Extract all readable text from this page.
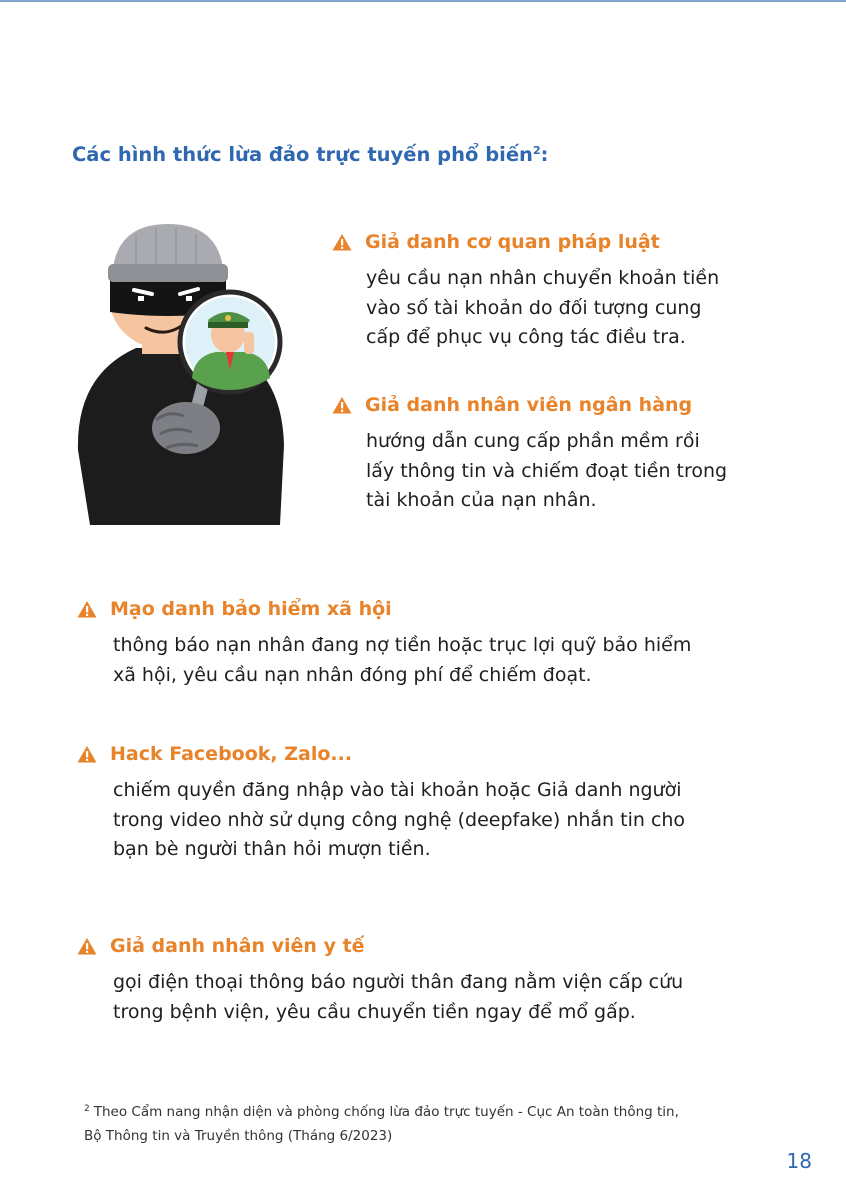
Các hình thức lừa đảo trực tuyến phổ biến$^2$:
Giả danh cơ quan pháp luật
yêu cầu nạn nhân chuyển khoản tiền
vào số tài khoản do đối tượng cung
cấp để phục vụ công tác điều tra.
Giả danh nhân viên ngân hàng
hướng dẫn cung cấp phần mềm rồi
lấy thông tin và chiếm đoạt tiền trong
tài khoản của nạn nhân.
Mạo danh bảo hiểm xã hội
thông báo nạn nhân đang nợ tiền hoặc trục lợi quỹ bảo hiểm
xã hội, yêu cầu nạn nhân đóng phí để chiếm đoạt.
Hack Facebook, Zalo...
chiếm quyền đăng nhập vào tài khoản hoặc Giả danh người
trong video nhờ sử dụng công nghệ (deepfake) nhắn tin cho
bạn bè người thân hỏi mượn tiền.
Giả danh nhân viên y tế
gọi điện thoại thông báo người thân đang nằm viện cấp cứu
trong bệnh viện, yêu cầu chuyển tiền ngay để mổ gấp.
$^2$ Theo Cẩm nang nhận diện và phòng chống lừa đảo trực tuyến - Cục An toàn thông tin,
Bộ Thông tin và Truyền thông (Tháng 6/2023)
18
